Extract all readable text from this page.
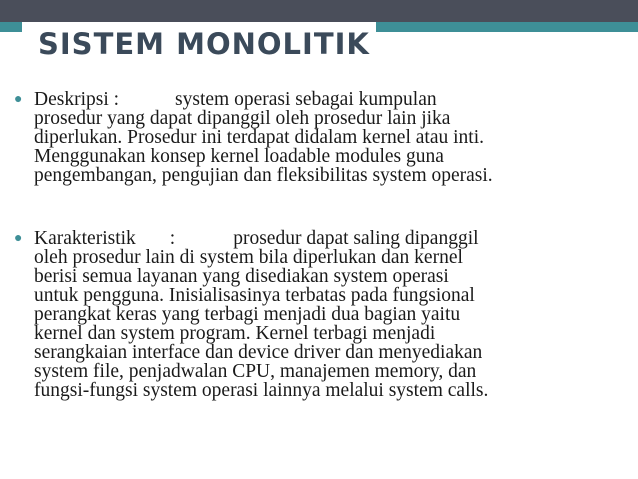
SISTEM MONOLITIK
● Deskripsi :	system operasi sebagai kumpulan
prosedur yang dapat dipanggil oleh prosedur lain jika
diperlukan. Prosedur ini terdapat didalam kernel atau inti.
Menggunakan konsep kernel loadable modules guna
pengembangan, pengujian dan fleksibilitas system operasi.
● Karakteristik :	prosedur dapat saling dipanggil
oleh prosedur lain di system bila diperlukan dan kernel
berisi semua layanan yang disediakan system operasi
untuk pengguna. Inisialisasinya terbatas pada fungsional
perangkat keras yang terbagi menjadi dua bagian yaitu
kernel dan system program. Kernel terbagi menjadi
serangkaian interface dan device driver dan menyediakan
system file, penjadwalan CPU, manajemen memory, dan
fungsi-fungsi system operasi lainnya melalui system calls.
